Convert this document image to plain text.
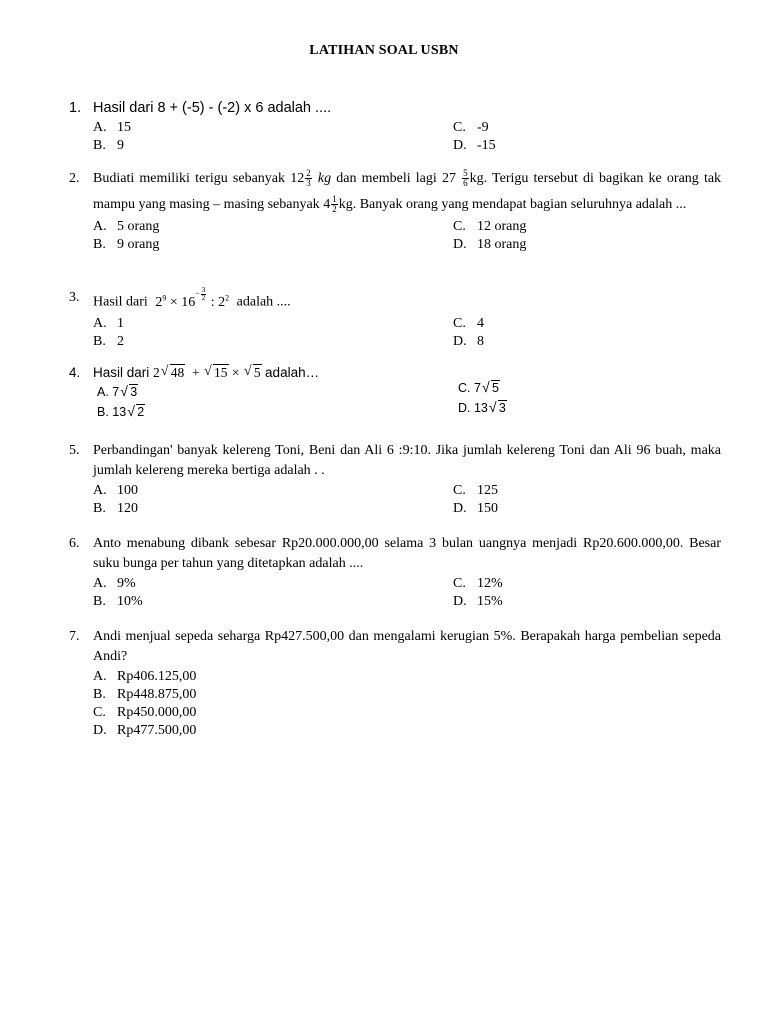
LATIHAN SOAL USBN
1. Hasil dari 8 + (-5) - (-2) x 6 adalah ....
A. 15	C. -9
B. 9	D. -15
2. Budiati memiliki terigu sebanyak $12 \frac{2}{3}$ kg dan membeli lagi $27 \frac{5}{6}$ kg. Terigu tersebut di bagikan ke orang tak mampu yang masing – masing sebanyak $4 \frac{1}{2}$ kg. Banyak orang yang mendapat bagian seluruhnya adalah ...
A. 5 orang	C. 12 orang
B. 9 orang	D. 18 orang
3. Hasil dari $2^9 \times 16^{- \frac{3}{2}}$
: $2^2$ adalah ....
A. 1	C. 4
B. 2	D. 8
4. Hasil dari 2 √ 48 + √ 15 × √ 5 adalah…
A. 7 √ 3
B. 13 √ 2
C. 7 √ 5
D. 13 √ 3
5. Perbandingan' banyak kelereng Toni, Beni dan Ali 6 :9:10. Jika jumlah kelereng Toni dan Ali 96 buah, maka jumlah kelereng mereka bertiga adalah . .
A. 100	C. 125
B. 120	D. 150
6. Anto menabung dibank sebesar Rp20.000.000,00 selama 3 bulan uangnya menjadi Rp20.600.000,00. Besar suku bunga per tahun yang ditetapkan adalah ....
A. 9%	C. 12%
B. 10%	D. 15%
7. Andi menjual sepeda seharga Rp427.500,00 dan mengalami kerugian 5%. Berapakah harga pembelian sepeda Andi?
A. Rp406.125,00
B. Rp448.875,00
C. Rp450.000,00
D. Rp477.500,00
